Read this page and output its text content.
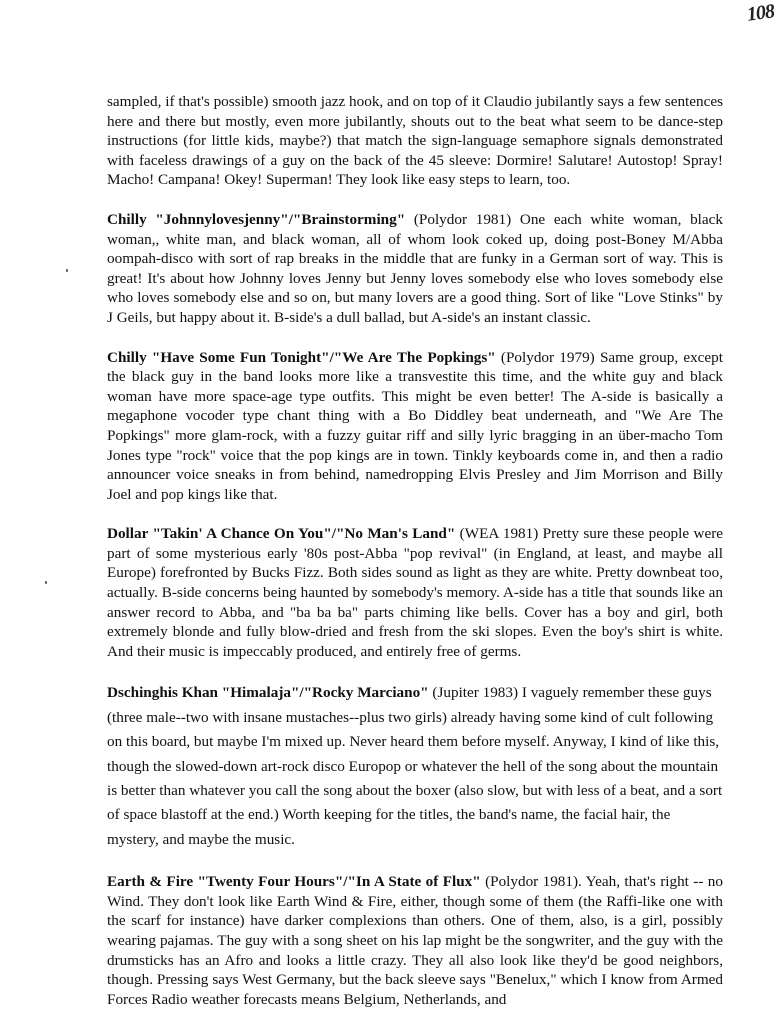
108

sampled, if that's possible) smooth jazz hook, and on top of it Claudio jubilantly says a few sentences here and there but mostly, even more jubilantly, shouts out to the beat what seem to be dance-step instructions (for little kids, maybe?) that match the sign-language semaphore signals demonstrated with faceless drawings of a guy on the back of the 45 sleeve: Dormire! Salutare! Autostop! Spray! Macho! Campana! Okey! Superman! They look like easy steps to learn, too.

Chilly "Johnnylovesjenny"/"Brainstorming" (Polydor 1981) One each white woman, black woman,, white man, and black woman, all of whom look coked up, doing post-Boney M/Abba oompah-disco with sort of rap breaks in the middle that are funky in a German sort of way. This is great! It's about how Johnny loves Jenny but Jenny loves somebody else who loves somebody else who loves somebody else and so on, but many lovers are a good thing. Sort of like "Love Stinks" by J Geils, but happy about it. B-side's a dull ballad, but A-side's an instant classic.

Chilly "Have Some Fun Tonight"/"We Are The Popkings" (Polydor 1979) Same group, except the black guy in the band looks more like a transvestite this time, and the white guy and black woman have more space-age type outfits. This might be even better! The A-side is basically a megaphone vocoder type chant thing with a Bo Diddley beat underneath, and "We Are The Popkings" more glam-rock, with a fuzzy guitar riff and silly lyric bragging in an über-macho Tom Jones type "rock" voice that the pop kings are in town. Tinkly keyboards come in, and then a radio announcer voice sneaks in from behind, namedropping Elvis Presley and Jim Morrison and Billy Joel and pop kings like that.

Dollar "Takin' A Chance On You"/"No Man's Land" (WEA 1981) Pretty sure these people were part of some mysterious early '80s post-Abba "pop revival" (in England, at least, and maybe all Europe) forefronted by Bucks Fizz. Both sides sound as light as they are white. Pretty downbeat too, actually. B-side concerns being haunted by somebody's memory. A-side has a title that sounds like an answer record to Abba, and "ba ba ba" parts chiming like bells. Cover has a boy and girl, both extremely blonde and fully blow-dried and fresh from the ski slopes. Even the boy's shirt is white. And their music is impeccably produced, and entirely free of germs.

Dschinghis Khan "Himalaja"/"Rocky Marciano" (Jupiter 1983) I vaguely remember these guys (three male--two with insane mustaches--plus two girls) already having some kind of cult following on this board, but maybe I'm mixed up. Never heard them before myself. Anyway, I kind of like this, though the slowed-down art-rock disco Europop or whatever the hell of the song about the mountain is better than whatever you call the song about the boxer (also slow, but with less of a beat, and a sort of space blastoff at the end.) Worth keeping for the titles, the band's name, the facial hair, the mystery, and maybe the music.

Earth & Fire "Twenty Four Hours"/"In A State of Flux" (Polydor 1981). Yeah, that's right -- no Wind. They don't look like Earth Wind & Fire, either, though some of them (the Raffi-like one with the scarf for instance) have darker complexions than others. One of them, also, is a girl, possibly wearing pajamas. The guy with a song sheet on his lap might be the songwriter, and the guy with the drumsticks has an Afro and looks a little crazy. They all also look like they'd be good neighbors, though. Pressing says West Germany, but the back sleeve says "Benelux," which I know from Armed Forces Radio weather forecasts means Belgium, Netherlands, and
